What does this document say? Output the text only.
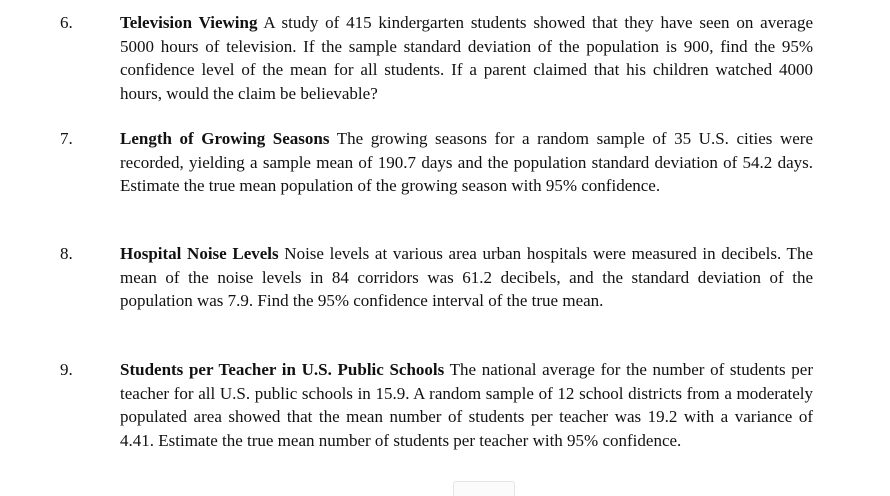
6.	Television Viewing A study of 415 kindergarten students showed that they have seen on average 5000 hours of television. If the sample standard deviation of the population is 900, find the 95% confidence level of the mean for all students. If a parent claimed that his children watched 4000 hours, would the claim be believable?
7.	Length of Growing Seasons The growing seasons for a random sample of 35 U.S. cities were recorded, yielding a sample mean of 190.7 days and the population standard deviation of 54.2 days. Estimate the true mean population of the growing season with 95% confidence.
8.	Hospital Noise Levels Noise levels at various area urban hospitals were measured in decibels. The mean of the noise levels in 84 corridors was 61.2 decibels, and the standard deviation of the population was 7.9. Find the 95% confidence interval of the true mean.
9.	Students per Teacher in U.S. Public Schools The national average for the number of students per teacher for all U.S. public schools in 15.9. A random sample of 12 school districts from a moderately populated area showed that the mean number of students per teacher was 19.2 with a variance of 4.41. Estimate the true mean number of students per teacher with 95% confidence.
